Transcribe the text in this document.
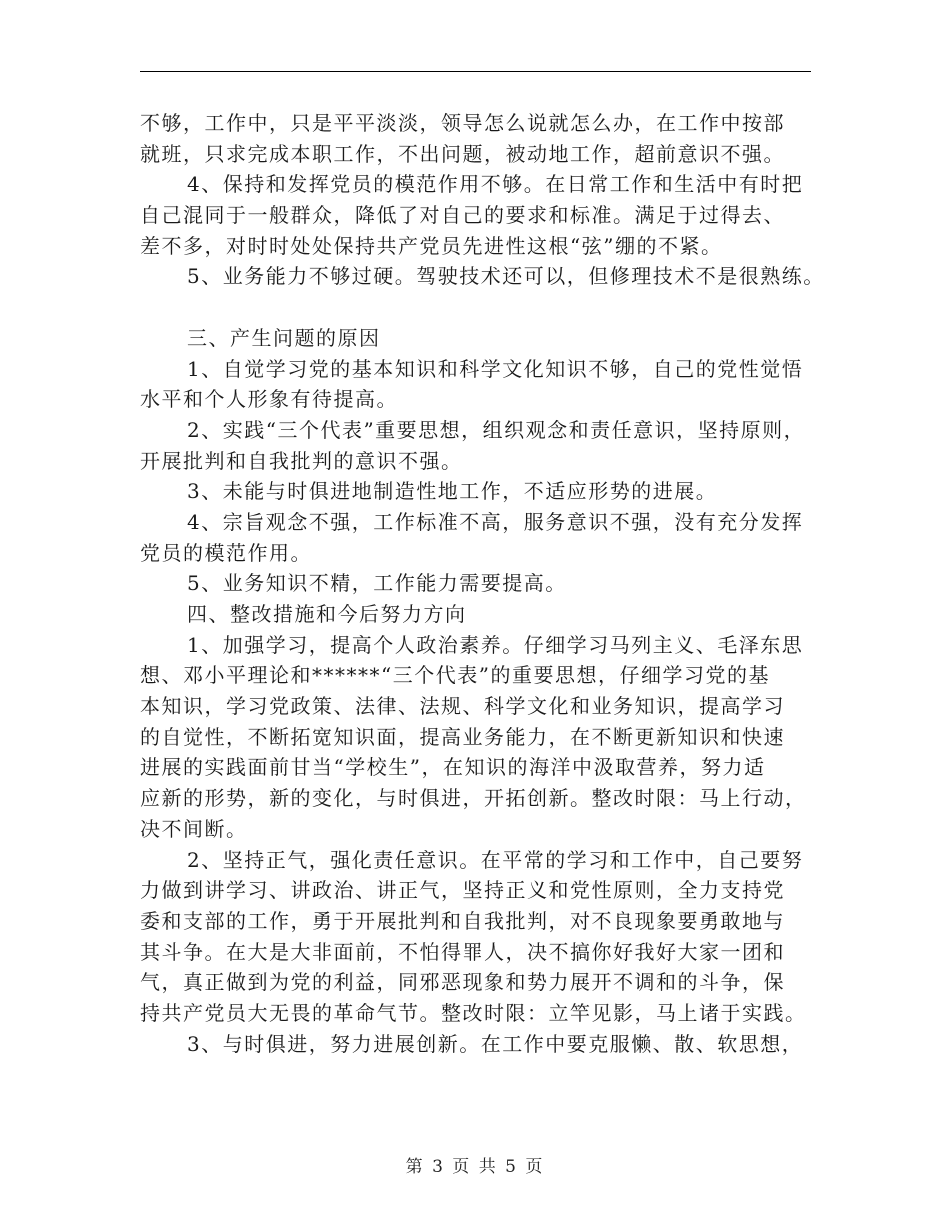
不够，工作中，只是平平淡淡，领导怎么说就怎么办，在工作中按部
就班，只求完成本职工作，不出问题，被动地工作，超前意识不强。
4、保持和发挥党员的模范作用不够。在日常工作和生活中有时把
自己混同于一般群众，降低了对自己的要求和标准。满足于过得去、
差不多，对时时处处保持共产党员先进性这根“弦”绷的不紧。
5、业务能力不够过硬。驾驶技术还可以，但修理技术不是很熟练。
三、产生问题的原因
1、自觉学习党的基本知识和科学文化知识不够，自己的党性觉悟
水平和个人形象有待提高。
2、实践“三个代表”重要思想，组织观念和责任意识，坚持原则，
开展批判和自我批判的意识不强。
3、未能与时俱进地制造性地工作，不适应形势的进展。
4、宗旨观念不强，工作标准不高，服务意识不强，没有充分发挥
党员的模范作用。
5、业务知识不精，工作能力需要提高。
四、整改措施和今后努力方向
1、加强学习，提高个人政治素养。仔细学习马列主义、毛泽东思
想、邓小平理论和******“三个代表”的重要思想，仔细学习党的基
本知识，学习党政策、法律、法规、科学文化和业务知识，提高学习
的自觉性，不断拓宽知识面，提高业务能力，在不断更新知识和快速
进展的实践面前甘当“学校生”，在知识的海洋中汲取营养，努力适
应新的形势，新的变化，与时俱进，开拓创新。整改时限：马上行动，
决不间断。
2、坚持正气，强化责任意识。在平常的学习和工作中，自己要努
力做到讲学习、讲政治、讲正气，坚持正义和党性原则，全力支持党
委和支部的工作，勇于开展批判和自我批判，对不良现象要勇敢地与
其斗争。在大是大非面前，不怕得罪人，决不搞你好我好大家一团和
气，真正做到为党的利益，同邪恶现象和势力展开不调和的斗争，保
持共产党员大无畏的革命气节。整改时限：立竿见影，马上诸于实践。
3、与时俱进，努力进展创新。在工作中要克服懒、散、软思想，
第 3 页 共 5 页
